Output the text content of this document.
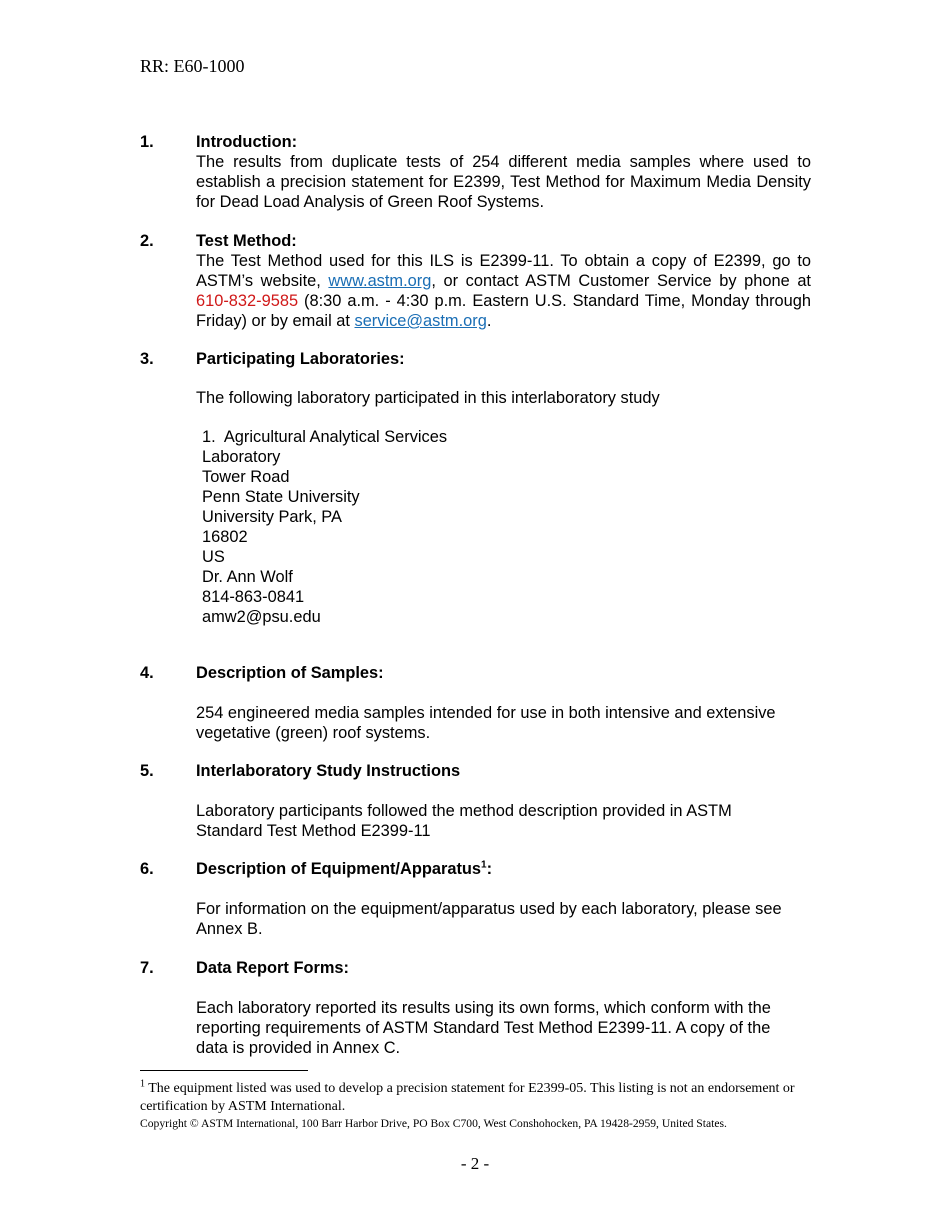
RR: E60-1000
1.	Introduction:
The results from duplicate tests of 254 different media samples where used to establish a precision statement for E2399, Test Method for Maximum Media Density for Dead Load Analysis of Green Roof Systems.
2.	Test Method:
The Test Method used for this ILS is E2399-11. To obtain a copy of E2399, go to ASTM’s website, www.astm.org, or contact ASTM Customer Service by phone at 610-832-9585 (8:30 a.m. - 4:30 p.m. Eastern U.S. Standard Time, Monday through Friday) or by email at service@astm.org.
3.	Participating Laboratories:
The following laboratory participated in this interlaboratory study
1.  Agricultural Analytical Services
Laboratory
Tower Road
Penn State University
University Park, PA
16802
US
Dr. Ann Wolf
814-863-0841
amw2@psu.edu
4.	Description of Samples:
254 engineered media samples intended for use in both intensive and extensive vegetative (green) roof systems.
5.	Interlaboratory Study Instructions
Laboratory participants followed the method description provided in ASTM Standard Test Method E2399-11
6.	Description of Equipment/Apparatus$^1$:
For information on the equipment/apparatus used by each laboratory, please see Annex B.
7.	Data Report Forms:
Each laboratory reported its results using its own forms, which conform with the reporting requirements of ASTM Standard Test Method E2399-11. A copy of the data is provided in Annex C.
$^1$ The equipment listed was used to develop a precision statement for E2399-05. This listing is not an endorsement or certification by ASTM International.
Copyright © ASTM International, 100 Barr Harbor Drive, PO Box C700, West Conshohocken, PA 19428-2959, United States.
- 2 -
